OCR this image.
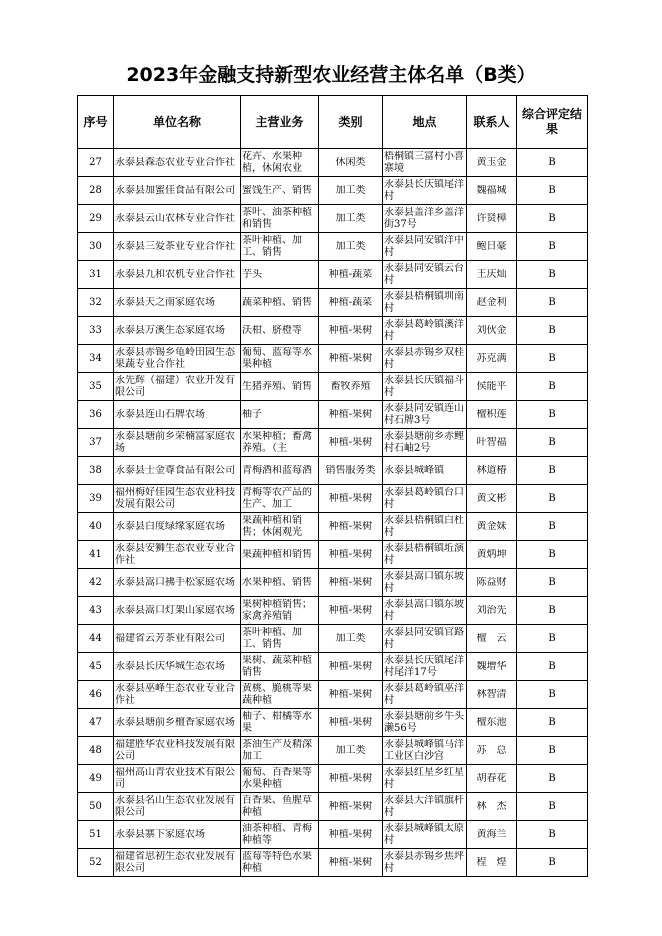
2023年金融支持新型农业经营主体名单（B类）
序号	单位名称	主营业务	类别	地点	联系人	综合评定结果

27	永泰县森态农业专业合作社	花卉、水果种植，休闲农业	休闲类	梧桐镇三富村小喜寨境	黄玉金	B

28	永泰县加蜜佳食品有限公司	蜜饯生产、销售	加工类	永泰县长庆镇尾洋村	魏福城	B

29	永泰县云山农林专业合作社	茶叶、油茶种植和销售	加工类	永泰县盖洋乡盖洋街37号	许贤樟	B

30	永泰县三爱茶业专业合作社	茶叶种植、加工、销售	加工类	永泰县同安镇洋中村	鲍日豪	B

31	永泰县九和农机专业合作社	芋头	种植-蔬菜	永泰县同安镇云台村	王庆灿	B

32	永泰县天之南家庭农场	蔬菜种植、销售	种植-蔬菜	永泰县梧桐镇圳南村	赵金利	B

33	永泰县万溪生态家庭农场	沃柑、脐橙等	种植-果树	永泰县葛岭镇溪洋村	刘伙金	B

34	永泰县赤锡乡龟岭田园生态果蔬专业合作社	葡萄、蓝莓等水果种植	种植-果树	永泰县赤锡乡双桂村	苏克满	B

35	永先辉（福建）农业开发有限公司	生猪养殖、销售	畜牧养殖	永泰县长庆镇福斗村	侯能平	B

36	永泰县连山石牌农场	柚子	种植-果树	永泰县同安镇连山村石牌3号	檀积莲	B

37	永泰县塘前乡荣楠富家庭农场	水果种植；畜禽养殖。（主	种植-果树	永泰县塘前乡赤鲤村石岫2号	叶智福	B

38	永泰县士金尊食品有限公司	青梅酒和蓝莓酒	销售服务类	永泰县城峰镇	林道椿	B

39	福州梅好佳园生态农业科技发展有限公司	青梅等农产品的生产、加工	种植-果树	永泰县葛岭镇台口村	黄文彬	B

40	永泰县白度绿缘家庭农场	果蔬种植和销售；休闲观光	种植-果树	永泰县梧桐镇白杜村	黄金妹	B

41	永泰县安狮生态农业专业合作社	果蔬种植和销售	种植-果树	永泰县梧桐镇坵演村	黄炳坤	B

42	永泰县嵩口拂手松家庭农场	水果种植、销售	种植-果树	永泰县嵩口镇东坡村	陈益财	B

43	永泰县嵩口灯架山家庭农场	果树种植销售；家禽养殖销	种植-果树	永泰县嵩口镇东坡村	刘治先	B

44	福建省云芳茶业有限公司	茶叶种植、加工、销售	加工类	永泰县同安镇官路村	檀　云	B

45	永泰县长庆华城生态农场	果树、蔬菜种植销售	种植-果树	永泰县长庆镇尾洋村尾洋17号	魏增华	B

46	永泰县巫峰生态农业专业合作社	黄桃、脆桃等果蔬种植	种植-果树	永泰县葛岭镇巫洋村	林智清	B

47	永泰县塘前乡檀香家庭农场	柚子、柑橘等水果	种植-果树	永泰县塘前乡牛头濑56号	檀东池	B

48	福建胜华农业科技发展有限公司	茶油生产及精深加工	加工类	永泰县城峰镇马洋工业区白沙宫	苏　总	B

49	福州高山青农业技术有限公司	葡萄、百香果等水果种植	种植-果树	永泰县红星乡红星村	胡春花	B

50	永泰县名山生态农业发展有限公司	百香果、鱼腥草种植	种植-果树	永泰县大洋镇旗杆村	林　杰	B

51	永泰县寨下家庭农场	油茶种植、青梅种植等	种植-果树	永泰县城峰镇太原村	黄海兰	B

52	福建省思初生态农业发展有限公司	蓝莓等特色水果种植	种植-果树	永泰县赤锡乡焦坪村	程　煌	B
